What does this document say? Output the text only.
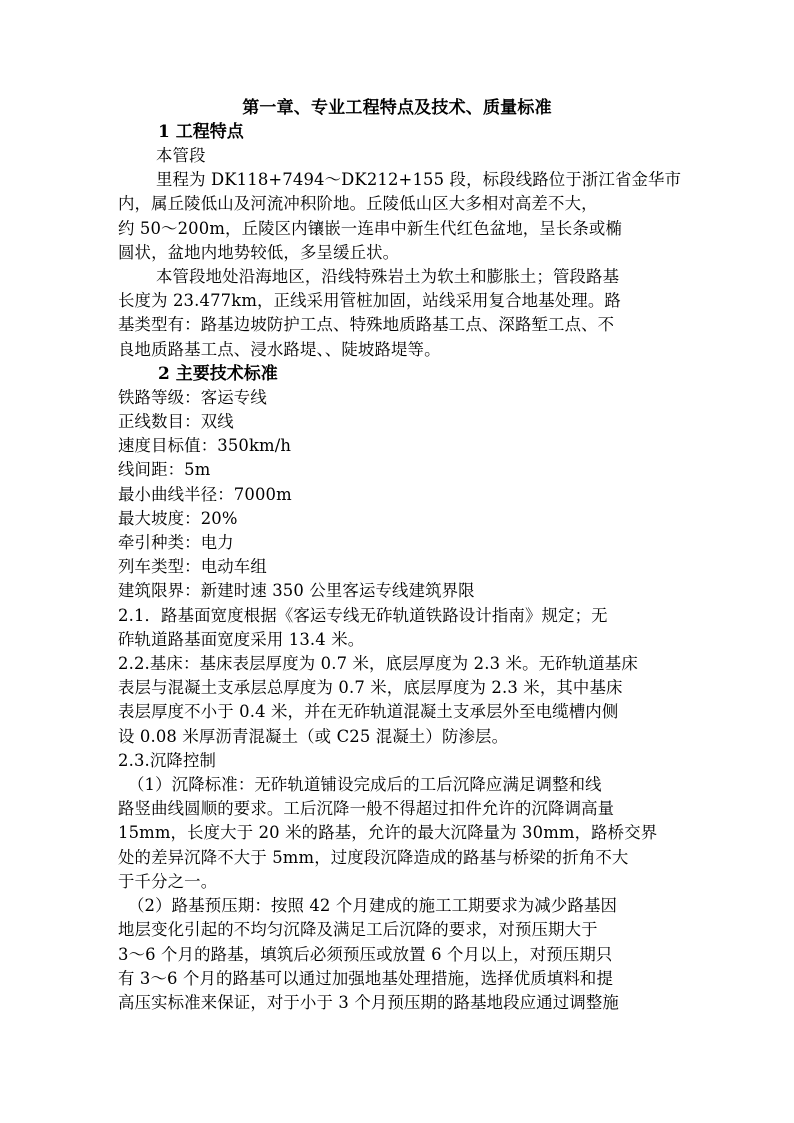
第一章、专业工程特点及技术、质量标准
1 工程特点
本管段
里程为 DK118+7494～DK212+155 段，标段线路位于浙江省金华市
内，属丘陵低山及河流冲积阶地。丘陵低山区大多相对高差不大，
约 50～200m，丘陵区内镶嵌一连串中新生代红色盆地，呈长条或椭
圆状，盆地内地势较低，多呈缓丘状。
本管段地处沿海地区，沿线特殊岩土为软土和膨胀土；管段路基
长度为 23.477km，正线采用管桩加固，站线采用复合地基处理。路
基类型有：路基边坡防护工点、特殊地质路基工点、深路堑工点、不
良地质路基工点、浸水路堤、、陡坡路堤等。
2 主要技术标准
铁路等级：客运专线
正线数目：双线
速度目标值：350km/h
线间距：5m
最小曲线半径：7000m
最大坡度：20%
牵引种类：电力
列车类型：电动车组
建筑限界：新建时速 350 公里客运专线建筑界限
2.1．路基面宽度根据《客运专线无砟轨道铁路设计指南》规定；无
砟轨道路基面宽度采用 13.4 米。
2.2.基床：基床表层厚度为 0.7 米，底层厚度为 2.3 米。无砟轨道基床
表层与混凝土支承层总厚度为 0.7 米，底层厚度为 2.3 米，其中基床
表层厚度不小于 0.4 米，并在无砟轨道混凝土支承层外至电缆槽内侧
设 0.08 米厚沥青混凝土（或 C25 混凝土）防渗层。
2.3.沉降控制
（1）沉降标准：无砟轨道铺设完成后的工后沉降应满足调整和线
路竖曲线圆顺的要求。工后沉降一般不得超过扣件允许的沉降调高量
15mm，长度大于 20 米的路基，允许的最大沉降量为 30mm，路桥交界
处的差异沉降不大于 5mm，过度段沉降造成的路基与桥梁的折角不大
于千分之一。
（2）路基预压期：按照 42 个月建成的施工工期要求为减少路基因
地层变化引起的不均匀沉降及满足工后沉降的要求，对预压期大于
3～6 个月的路基，填筑后必须预压或放置 6 个月以上，对预压期只
有 3～6 个月的路基可以通过加强地基处理措施，选择优质填料和提
高压实标准来保证，对于小于 3 个月预压期的路基地段应通过调整施
